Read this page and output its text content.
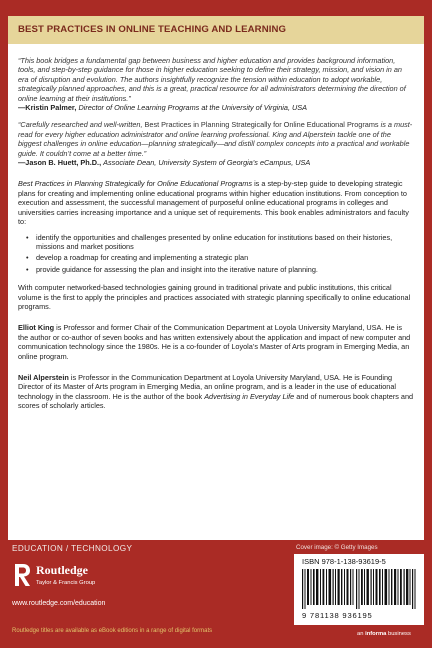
BEST PRACTICES IN ONLINE TEACHING AND LEARNING
“This book bridges a fundamental gap between business and higher education and provides background information, tools, and step-by-step guidance for those in higher education seeking to define their strategy, mission, and vision in an era of disruption and evolution. The authors insightfully recognize the tension within education to adopt workable, strategically planned approaches, and this is a great, practical resource for all administrators determining the direction of online learning at their institutions.”
—Kristin Palmer, Director of Online Learning Programs at the University of Virginia, USA
“Carefully researched and well-written, Best Practices in Planning Strategically for Online Educational Programs is a must-read for every higher education administrator and online learning professional. King and Alperstein tackle one of the biggest challenges in online education—planning strategically—and distill complex concepts into a practical and workable guide. It couldn’t come at a better time.”
—Jason B. Huett, Ph.D., Associate Dean, University System of Georgia’s eCampus, USA
Best Practices in Planning Strategically for Online Educational Programs is a step-by-step guide to developing strategic plans for creating and implementing online educational programs within higher education institutions. From conception to execution and assessment, the successful management of purposeful online educational programs in colleges and universities carries increasing importance and a unique set of requirements. This book enables administrators and faculty to:
• identify the opportunities and challenges presented by online education for institutions based on their histories, missions and market positions
• develop a roadmap for creating and implementing a strategic plan
• provide guidance for assessing the plan and insight into the iterative nature of planning.
With computer networked-based technologies gaining ground in traditional private and public institutions, this critical volume is the first to apply the principles and practices associated with strategic planning specifically to online educational programs.
Elliot King is Professor and former Chair of the Communication Department at Loyola University Maryland, USA. He is the author or co-author of seven books and has written extensively about the application and impact of new computer and communication technology since the 1980s. He is a co-founder of Loyola’s Master of Arts program in Emerging Media, an online program.
Neil Alperstein is Professor in the Communication Department at Loyola University Maryland, USA. He is Founding Director of its Master of Arts program in Emerging Media, an online program, and is a leader in the use of educational technology in the classroom. He is the author of the book Advertising in Everyday Life and of numerous book chapters and scores of scholarly articles.
EDUCATION / TECHNOLOGY	Cover image: © Getty Images
Routledge
Taylor & Francis Group
www.routledge.com/education
Routledge titles are available as eBook editions in a range of digital formats
ISBN 978-1-138-93619-5
9 781138 936195
an informa business
